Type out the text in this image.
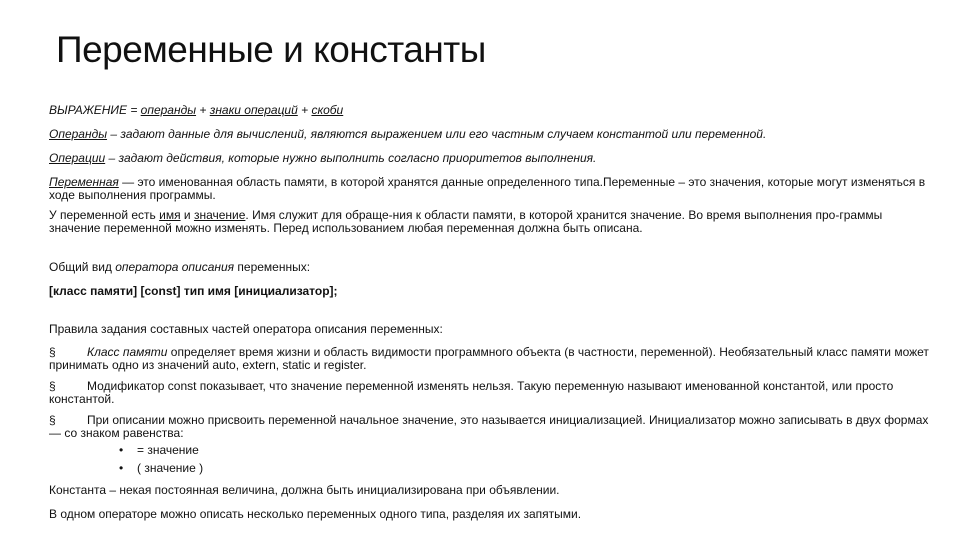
Переменные и константы
ВЫРАЖЕНИЕ = операнды + знаки операций + скоби
Операнды – задают данные для вычислений, являются выражением или его частным случаем константой или переменной.
Операции – задают действия, которые нужно выполнить согласно приоритетов выполнения.
Переменная — это именованная область памяти, в которой хранятся данные определенного типа.Переменные – это значения, которые могут изменяться в ходе выполнения программы.
У переменной есть имя и значение. Имя служит для обраще-ния к области памяти, в которой хранится значение. Во время выполнения про-граммы значение переменной можно изменять. Перед использованием любая переменная должна быть описана.
Общий вид оператора описания переменных:
[класс памяти] [const] тип имя [инициализатор];
Правила задания составных частей оператора описания переменных:
§	Класс памяти определяет время жизни и область видимости программного объекта (в частности, переменной). Необязательный класс памяти может принимать одно из значений auto, extern, static и register.
§	Модификатор const показывает, что значение переменной изменять нельзя. Такую переменную называют именованной константой, или просто константой.
§	При описании можно присвоить переменной начальное значение, это называется инициализацией. Инициализатор можно записывать в двух формах — со знаком равенства:
• = значение
• ( значение )
Константа – некая постоянная величина, должна быть инициализирована при объявлении.
В одном операторе можно описать несколько переменных одного типа, разделяя их запятыми.
